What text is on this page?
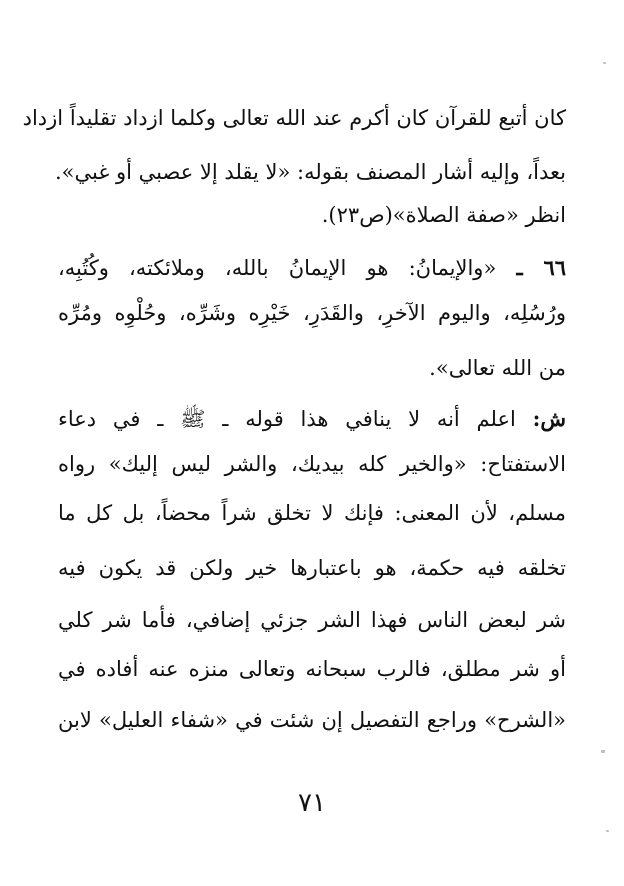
كان أتبع للقرآن كان أكرم عند الله تعالى وكلما ازداد تقليداً ازداد
بعداً، وإليه أشار المصنف بقوله: «لا يقلد إلا عصبي أو غبي».
انظر «صفة الصلاة»(ص٢٣).
٦٦ ـ «والإيمانُ: هو الإيمانُ بالله، وملائكته، وكُتُبِه،
ورُسُلِه، واليوم الآخرِ، والقَدَرِ، خَيْرِه وشَرِّه، وحُلْوِه ومُرِّه
من الله تعالى».
ش: اعلم أنه لا ينافي هذا قوله ـ ﷺ ـ في دعاء
الاستفتاح: «والخير كله بيديك، والشر ليس إليك» رواه
مسلم، لأن المعنى: فإنك لا تخلق شراً محضاً، بل كل ما
تخلقه فيه حكمة، هو باعتبارها خير ولكن قد يكون فيه
شر لبعض الناس فهذا الشر جزئي إضافي، فأما شر كلي
أو شر مطلق، فالرب سبحانه وتعالى منزه عنه أفاده في
«الشرح» وراجع التفصيل إن شئت في «شفاء العليل» لابن
٧١
